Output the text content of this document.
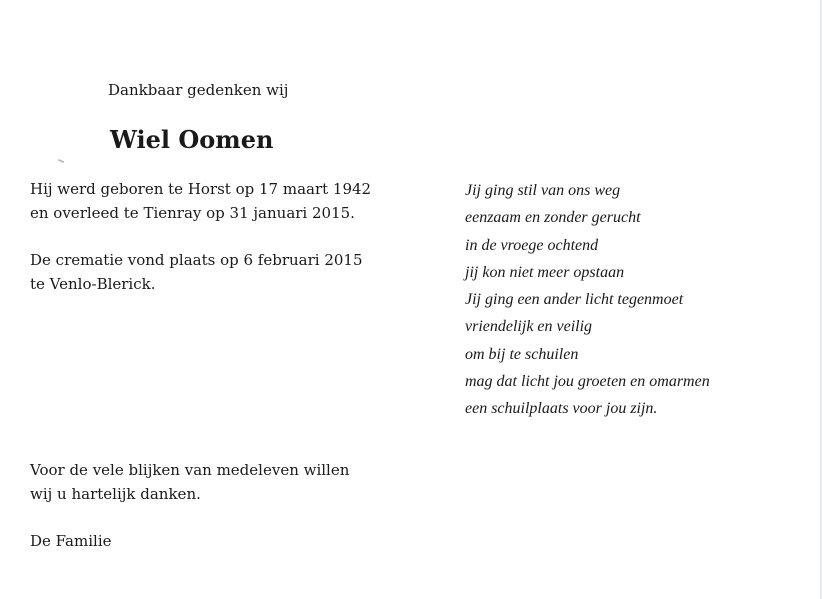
Dankbaar gedenken wij
Wiel Oomen
Hij werd geboren te Horst op 17 maart 1942
en overleed te Tienray op 31 januari 2015.
De crematie vond plaats op 6 februari 2015
te Venlo-Blerick.
Voor de vele blijken van medeleven willen
wij u hartelijk danken.
De Familie
Jij ging stil van ons weg
eenzaam en zonder gerucht
in de vroege ochtend
jij kon niet meer opstaan
Jij ging een ander licht tegenmoet
vriendelijk en veilig
om bij te schuilen
mag dat licht jou groeten en omarmen
een schuilplaats voor jou zijn.
